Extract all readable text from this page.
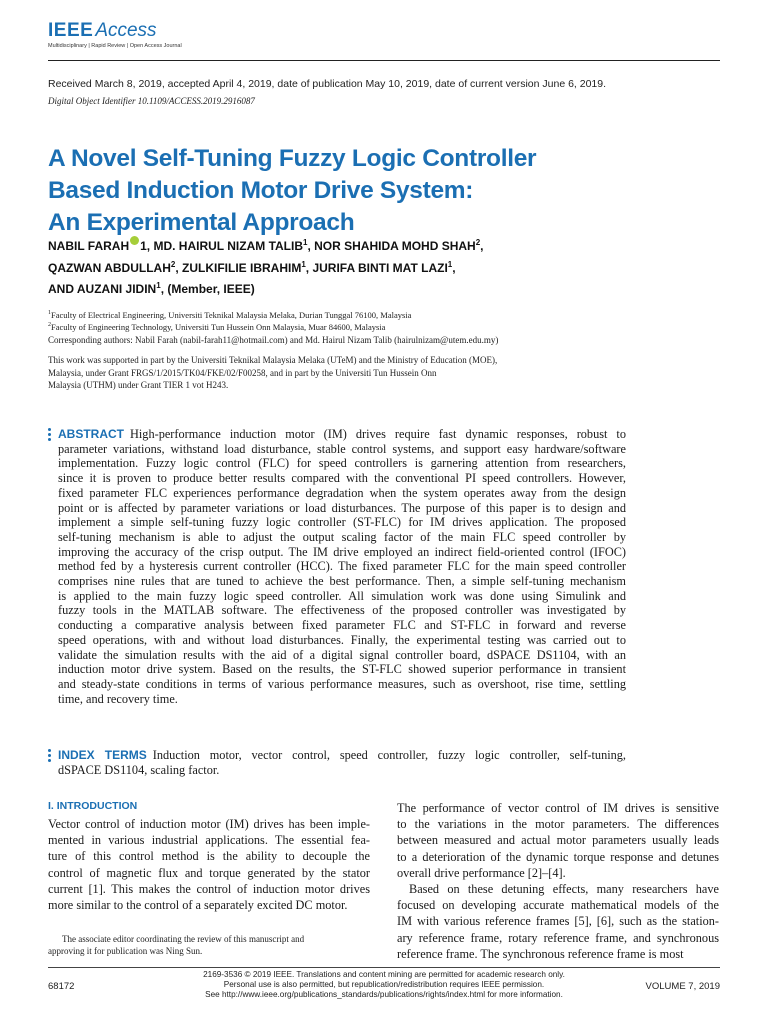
IEEE Access
Multidisciplinary | Rapid Review | Open Access Journal
Received March 8, 2019, accepted April 4, 2019, date of publication May 10, 2019, date of current version June 6, 2019.
Digital Object Identifier 10.1109/ACCESS.2019.2916087
A Novel Self-Tuning Fuzzy Logic Controller
Based Induction Motor Drive System:
An Experimental Approach
NABIL FARAH 1, MD. HAIRUL NIZAM TALIB$^1$, NOR SHAHIDA MOHD SHAH$^2$,
QAZWAN ABDULLAH$^2$, ZULKIFILIE IBRAHIM$^1$, JURIFA BINTI MAT LAZI$^1$,
AND AUZANI JIDIN$^1$, (Member, IEEE)
$^1$Faculty of Electrical Engineering, Universiti Teknikal Malaysia Melaka, Durian Tunggal 76100, Malaysia
$^2$Faculty of Engineering Technology, Universiti Tun Hussein Onn Malaysia, Muar 84600, Malaysia
Corresponding authors: Nabil Farah (nabil-farah11@hotmail.com) and Md. Hairul Nizam Talib (hairulnizam@utem.edu.my)
This work was supported in part by the Universiti Teknikal Malaysia Melaka (UTeM) and the Ministry of Education (MOE),
Malaysia, under Grant FRGS/1/2015/TK04/FKE/02/F00258, and in part by the Universiti Tun Hussein Onn
Malaysia (UTHM) under Grant TIER 1 vot H243.
ABSTRACT High-performance induction motor (IM) drives require fast dynamic responses, robust to
parameter variations, withstand load disturbance, stable control systems, and support easy hardware/software
implementation. Fuzzy logic control (FLC) for speed controllers is garnering attention from researchers,
since it is proven to produce better results compared with the conventional PI speed controllers. However,
fixed parameter FLC experiences performance degradation when the system operates away from the design
point or is affected by parameter variations or load disturbances. The purpose of this paper is to design and
implement a simple self-tuning fuzzy logic controller (ST-FLC) for IM drives application. The proposed
self-tuning mechanism is able to adjust the output scaling factor of the main FLC speed controller by
improving the accuracy of the crisp output. The IM drive employed an indirect field-oriented control (IFOC)
method fed by a hysteresis current controller (HCC). The fixed parameter FLC for the main speed controller
comprises nine rules that are tuned to achieve the best performance. Then, a simple self-tuning mechanism
is applied to the main fuzzy logic speed controller. All simulation work was done using Simulink and
fuzzy tools in the MATLAB software. The effectiveness of the proposed controller was investigated by
conducting a comparative analysis between fixed parameter FLC and ST-FLC in forward and reverse
speed operations, with and without load disturbances. Finally, the experimental testing was carried out to
validate the simulation results with the aid of a digital signal controller board, dSPACE DS1104, with an
induction motor drive system. Based on the results, the ST-FLC showed superior performance in transient
and steady-state conditions in terms of various performance measures, such as overshoot, rise time, settling
time, and recovery time.
INDEX TERMS Induction motor, vector control, speed controller, fuzzy logic controller, self-tuning,
dSPACE DS1104, scaling factor.
I. INTRODUCTION
Vector control of induction motor (IM) drives has been imple-
mented in various industrial applications. The essential fea-
ture of this control method is the ability to decouple the
control of magnetic flux and torque generated by the stator
current [1]. This makes the control of induction motor drives
more similar to the control of a separately excited DC motor.
The performance of vector control of IM drives is sensitive
to the variations in the motor parameters. The differences
between measured and actual motor parameters usually leads
to a deterioration of the dynamic torque response and detunes
overall drive performance [2]–[4].
Based on these detuning effects, many researchers have
focused on developing accurate mathematical models of the
IM with various reference frames [5], [6], such as the station-
ary reference frame, rotary reference frame, and synchronous
reference frame. The synchronous reference frame is most
The associate editor coordinating the review of this manuscript and
approving it for publication was Ning Sun.
68172
2169-3536 © 2019 IEEE. Translations and content mining are permitted for academic research only.
Personal use is also permitted, but republication/redistribution requires IEEE permission.
See http://www.ieee.org/publications_standards/publications/rights/index.html for more information.
VOLUME 7, 2019
